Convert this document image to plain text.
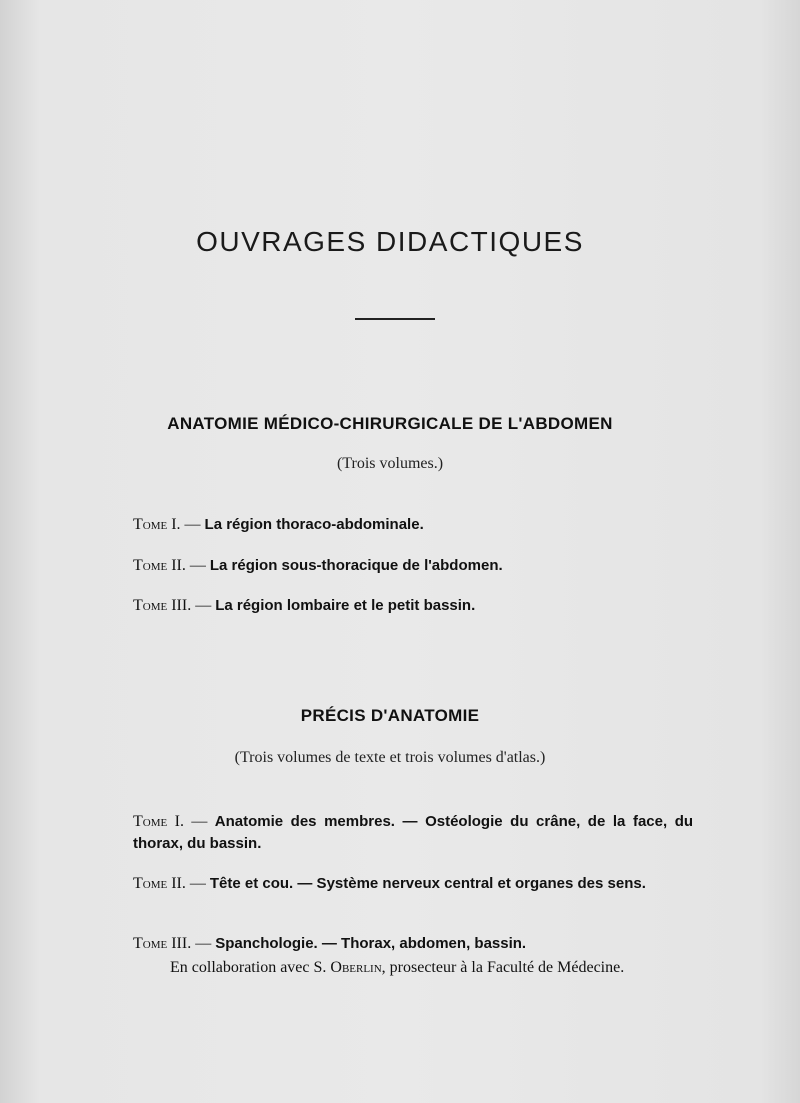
OUVRAGES DIDACTIQUES
ANATOMIE MÉDICO-CHIRURGICALE DE L'ABDOMEN
(Trois volumes.)
Tome I. — La région thoraco-abdominale.
Tome II. — La région sous-thoracique de l'abdomen.
Tome III. — La région lombaire et le petit bassin.
PRÉCIS D'ANATOMIE
(Trois volumes de texte et trois volumes d'atlas.)
Tome I. — Anatomie des membres. — Ostéologie du crâne, de la face, du thorax, du bassin.
Tome II. — Tête et cou. — Système nerveux central et organes des sens.
Tome III. — Spanchologie. — Thorax, abdomen, bassin.
En collaboration avec S. Oberlin, prosecteur à la Faculté de Médecine.
